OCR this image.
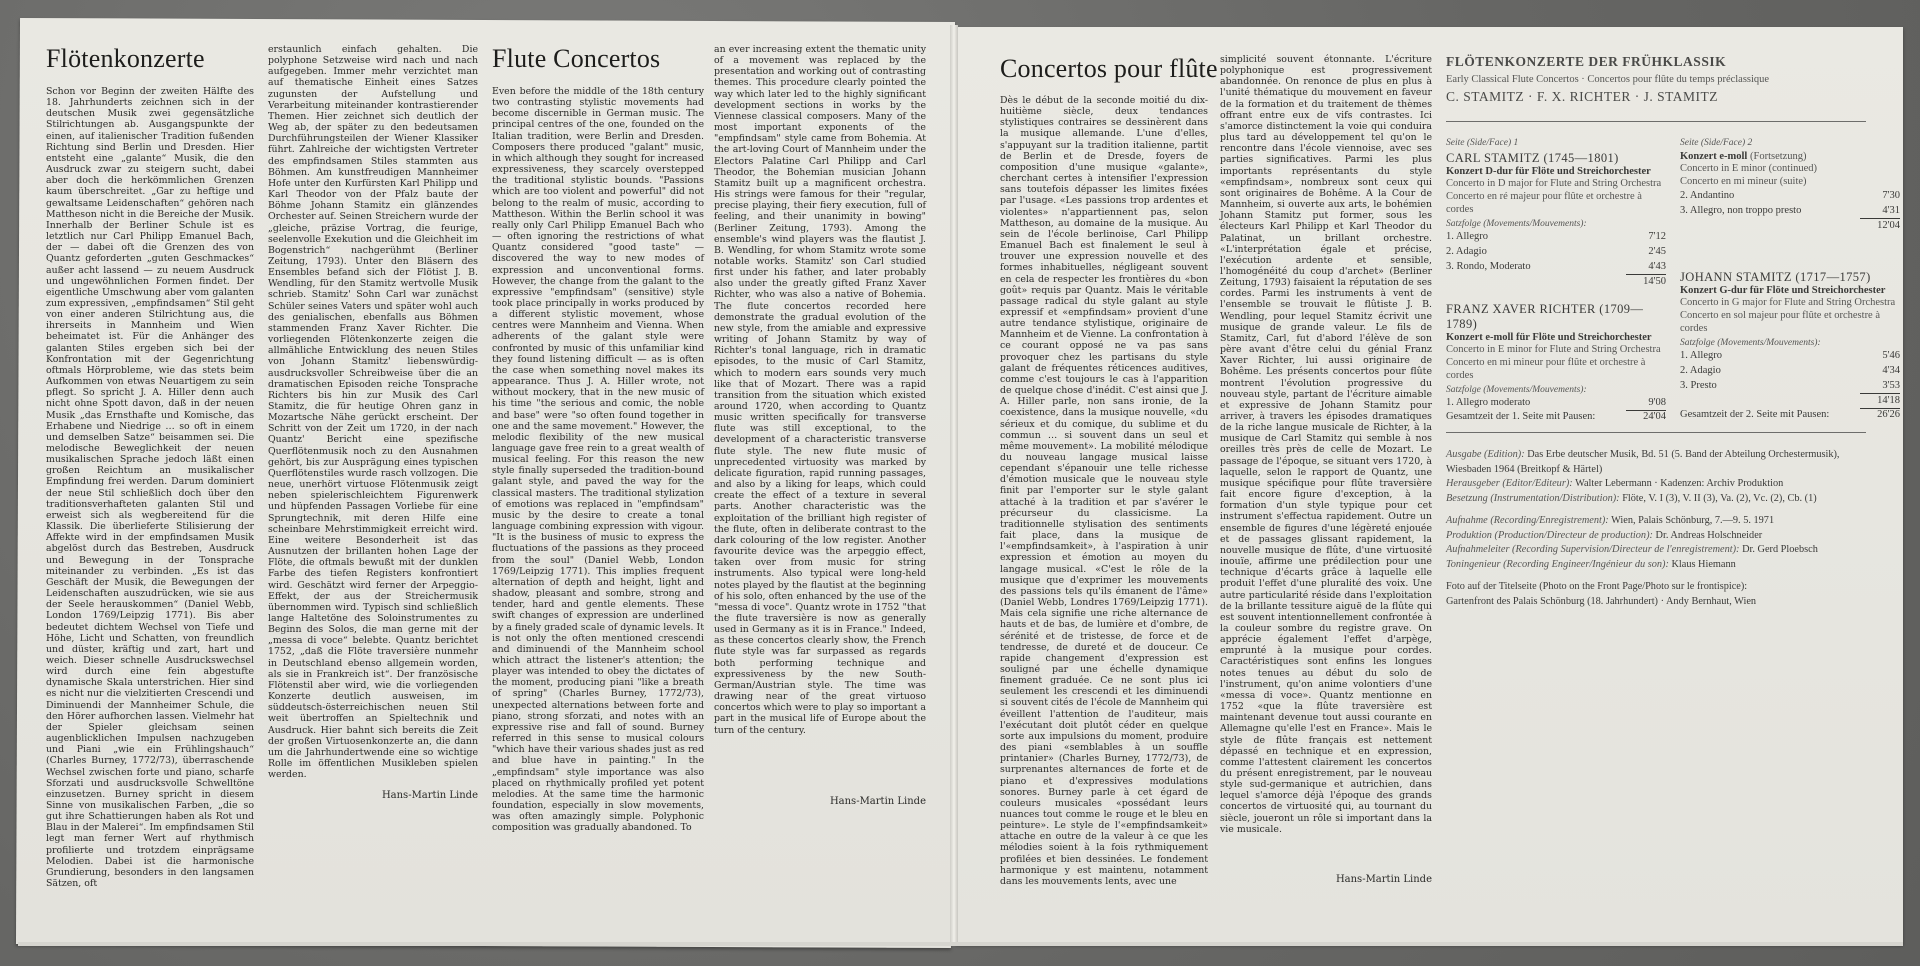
Flötenkonzerte

Schon vor Beginn der zweiten Hälfte des 18. Jahrhunderts zeichnen sich in der deutschen Musik zwei gegensätzliche Stilrichtungen ab. Ausgangspunkte der einen, auf italienischer Tradition fußenden Richtung sind Berlin und Dresden. Hier entsteht eine „galante“ Musik, die den Ausdruck zwar zu steigern sucht, dabei aber doch die herkömmlichen Grenzen kaum überschreitet. „Gar zu heftige und gewaltsame Leidenschaften“ gehören nach Mattheson nicht in die Bereiche der Musik. Innerhalb der Berliner Schule ist es letztlich nur Carl Philipp Emanuel Bach, der — dabei oft die Grenzen des von Quantz geforderten „guten Geschmackes“ außer acht lassend — zu neuem Ausdruck und ungewöhnlichen Formen findet. Der eigentliche Umschwung aber vom galanten zum expressiven, „empfindsamen“ Stil geht von einer anderen Stilrichtung aus, die ihrerseits in Mannheim und Wien beheimatet ist. Für die Anhänger des galanten Stiles ergeben sich bei der Konfrontation mit der Gegenrichtung oftmals Hörprobleme, wie das stets beim Aufkommen von etwas Neuartigem zu sein pflegt. So spricht J. A. Hiller denn auch nicht ohne Spott davon, daß in der neuen Musik „das Ernsthafte und Komische, das Erhabene und Niedrige … so oft in einem und demselben Satze“ beisammen sei. Die melodische Beweglichkeit der neuen musikalischen Sprache jedoch läßt einen großen Reichtum an musikalischer Empfindung frei werden. Darum dominiert der neue Stil schließlich doch über den traditionsverhafteten galanten Stil und erweist sich als wegbereitend für die Klassik. Die überlieferte Stilisierung der Affekte wird in der empfindsamen Musik abgelöst durch das Bestreben, Ausdruck und Bewegung in der Tonsprache miteinander zu verbinden. „Es ist das Geschäft der Musik, die Bewegungen der Leidenschaften auszudrücken, wie sie aus der Seele herauskommen“ (Daniel Webb, London 1769/Leipzig 1771). Bis aber bedeutet dichtem Wechsel von Tiefe und Höhe, Licht und Schatten, von freundlich und düster, kräftig und zart, hart und weich. Dieser schnelle Ausdruckswechsel wird durch eine fein abgestufte dynamische Skala unterstrichen. Hier sind es nicht nur die vielzitierten Crescendi und Diminuendi der Mannheimer Schule, die den Hörer aufhorchen lassen. Vielmehr hat der Spieler gleichsam seinen augenblicklichen Impulsen nachzugeben und Piani „wie ein Frühlingshauch“ (Charles Burney, 1772/73), überraschende Wechsel zwischen forte und piano, scharfe Sforzati und ausdrucksvolle Schwelltöne einzusetzen. Burney spricht in diesem Sinne von musikalischen Farben, „die so gut ihre Schattierungen haben als Rot und Blau in der Malerei“. Im empfindsamen Stil legt man ferner Wert auf rhythmisch profilierte und trotzdem einprägsame Melodien. Dabei ist die harmonische Grundierung, besonders in den langsamen Sätzen, oft

erstaunlich einfach gehalten. Die polyphone Setzweise wird nach und nach aufgegeben. Immer mehr verzichtet man auf thematische Einheit eines Satzes zugunsten der Aufstellung und Verarbeitung miteinander kontrastierender Themen. Hier zeichnet sich deutlich der Weg ab, der später zu den bedeutsamen Durchführungsteilen der Wiener Klassiker führt. Zahlreiche der wichtigsten Vertreter des empfindsamen Stiles stammten aus Böhmen. Am kunstfreudigen Mannheimer Hofe unter den Kurfürsten Karl Philipp und Karl Theodor von der Pfalz baute der Böhme Johann Stamitz ein glänzendes Orchester auf. Seinen Streichern wurde der „gleiche, präzise Vortrag, die feurige, seelenvolle Exekution und die Gleichheit im Bogenstrich“ nachgerühmt (Berliner Zeitung, 1793). Unter den Bläsern des Ensembles befand sich der Flötist J. B. Wendling, für den Stamitz wertvolle Musik schrieb. Stamitz' Sohn Carl war zunächst Schüler seines Vaters und später wohl auch des genialischen, ebenfalls aus Böhmen stammenden Franz Xaver Richter. Die vorliegenden Flötenkonzerte zeigen die allmähliche Entwicklung des neuen Stiles von Johann Stamitz' liebenswürdig-ausdrucksvoller Schreibweise über die an dramatischen Episoden reiche Tonsprache Richters bis hin zur Musik des Carl Stamitz, die für heutige Ohren ganz in Mozartsche Nähe gerückt erscheint. Der Schritt von der Zeit um 1720, in der nach Quantz' Bericht eine spezifische Querflötenmusik noch zu den Ausnahmen gehört, bis zur Ausprägung eines typischen Querflötenstiles wurde rasch vollzogen. Die neue, unerhört virtuose Flötenmusik zeigt neben spielerischleichtem Figurenwerk und hüpfenden Passagen Vorliebe für eine Sprungtechnik, mit deren Hilfe eine scheinbare Mehrstimmigkeit erreicht wird. Eine weitere Besonderheit ist das Ausnutzen der brillanten hohen Lage der Flöte, die oftmals bewußt mit der dunklen Farbe des tiefen Registers konfrontiert wird. Geschätzt wird ferner der Arpeggio-Effekt, der aus der Streichermusik übernommen wird. Typisch sind schließlich lange Haltetöne des Soloinstrumentes zu Beginn des Solos, die man gerne mit der „messa di voce“ belebte. Quantz berichtet 1752, „daß die Flöte traversière nunmehr in Deutschland ebenso allgemein worden, als sie in Frankreich ist“. Der französische Flötenstil aber wird, wie die vorliegenden Konzerte deutlich ausweisen, im süddeutsch-österreichischen neuen Stil weit übertroffen an Spieltechnik und Ausdruck. Hier bahnt sich bereits die Zeit der großen Virtuosenkonzerte an, die dann um die Jahrhundertwende eine so wichtige Rolle im öffentlichen Musikleben spielen werden.

Hans-Martin Linde
Flute Concertos

Even before the middle of the 18th century two contrasting stylistic movements had become discernible in German music. The principal centres of the one, founded on the Italian tradition, were Berlin and Dresden. Composers there produced "galant" music, in which although they sought for increased expressiveness, they scarcely overstepped the traditional stylistic bounds. "Passions which are too violent and powerful" did not belong to the realm of music, according to Mattheson. Within the Berlin school it was really only Carl Philipp Emanuel Bach who — often ignoring the restrictions of what Quantz considered "good taste" — discovered the way to new modes of expression and unconventional forms. However, the change from the galant to the expressive "empfindsam" (sensitive) style took place principally in works produced by a different stylistic movement, whose centres were Mannheim and Vienna. When adherents of the galant style were confronted by music of this unfamiliar kind they found listening difficult — as is often the case when something novel makes its appearance. Thus J. A. Hiller wrote, not without mockery, that in the new music of his time "the serious and comic, the noble and base" were "so often found together in one and the same movement." However, the melodic flexibility of the new musical language gave free rein to a great wealth of musical feeling. For this reason the new style finally superseded the tradition-bound galant style, and paved the way for the classical masters. The traditional stylization of emotions was replaced in "empfindsam" music by the desire to create a tonal language combining expression with vigour. "It is the business of music to express the fluctuations of the passions as they proceed from the soul" (Daniel Webb, London 1769/Leipzig 1771). This implies frequent alternation of depth and height, light and shadow, pleasant and sombre, strong and tender, hard and gentle elements. These swift changes of expression are underlined by a finely graded scale of dynamic levels. It is not only the often mentioned crescendi and diminuendi of the Mannheim school which attract the listener's attention; the player was intended to obey the dictates of the moment, producing piani "like a breath of spring" (Charles Burney, 1772/73), unexpected alternations between forte and piano, strong sforzati, and notes with an expressive rise and fall of sound. Burney referred in this sense to musical colours "which have their various shades just as red and blue have in painting." In the „empfindsam" style importance was also placed on rhythmically profiled yet potent melodies. At the same time the harmonic foundation, especially in slow movements, was often amazingly simple. Polyphonic composition was gradually abandoned. To

an ever increasing extent the thematic unity of a movement was replaced by the presentation and working out of contrasting themes. This procedure clearly pointed the way which later led to the highly significant development sections in works by the Viennese classical composers. Many of the most important exponents of the "empfindsam" style came from Bohemia. At the art-loving Court of Mannheim under the Electors Palatine Carl Philipp and Carl Theodor, the Bohemian musician Johann Stamitz built up a magnificent orchestra. His strings were famous for their "regular, precise playing, their fiery execution, full of feeling, and their unanimity in bowing" (Berliner Zeitung, 1793). Among the ensemble's wind players was the flautist J. B. Wendling, for whom Stamitz wrote some notable works. Stamitz' son Carl studied first under his father, and later probably also under the greatly gifted Franz Xaver Richter, who was also a native of Bohemia. The flute concertos recorded here demonstrate the gradual evolution of the new style, from the amiable and expressive writing of Johann Stamitz by way of Richter's tonal language, rich in dramatic episodes, to the music of Carl Stamitz, which to modern ears sounds very much like that of Mozart. There was a rapid transition from the situation which existed around 1720, when according to Quantz music written specifically for transverse flute was still exceptional, to the development of a characteristic transverse flute style. The new flute music of unprecedented virtuosity was marked by delicate figuration, rapid running passages, and also by a liking for leaps, which could create the effect of a texture in several parts. Another characteristic was the exploitation of the brilliant high register of the flute, often in deliberate contrast to the dark colouring of the low register. Another favourite device was the arpeggio effect, taken over from music for string instruments. Also typical were long-held notes played by the flautist at the beginning of his solo, often enhanced by the use of the "messa di voce". Quantz wrote in 1752 "that the flute traversière is now as generally used in Germany as it is in France." Indeed, as these concertos clearly show, the French flute style was far surpassed as regards both performing technique and expressiveness by the new South-German/Austrian style. The time was drawing near of the great virtuoso concertos which were to play so important a part in the musical life of Europe about the turn of the century.

Hans-Martin Linde
Concertos pour flûte

Dès le début de la seconde moitié du dix-huitième siècle, deux tendances stylistiques contraires se dessinèrent dans la musique allemande. L'une d'elles, s'appuyant sur la tradition italienne, partit de Berlin et de Dresde, foyers de composition d'une musique «galante», cherchant certes à intensifier l'expression sans toutefois dépasser les limites fixées par l'usage. «Les passions trop ardentes et violentes» n'appartiennent pas, selon Mattheson, au domaine de la musique. Au sein de l'école berlinoise, Carl Philipp Emanuel Bach est finalement le seul à trouver une expression nouvelle et des formes inhabituelles, négligeant souvent en cela de respecter les frontières du «bon goût» requis par Quantz. Mais le véritable passage radical du style galant au style expressif et «empfindsam» provient d'une autre tendance stylistique, originaire de Mannheim et de Vienne. La confrontation à ce courant opposé ne va pas sans provoquer chez les partisans du style galant de fréquentes réticences auditives, comme c'est toujours le cas à l'apparition de quelque chose d'inédit. C'est ainsi que J. A. Hiller parle, non sans ironie, de la coexistence, dans la musique nouvelle, «du sérieux et du comique, du sublime et du commun … si souvent dans un seul et même mouvement». La mobilité mélodique du nouveau langage musical laisse cependant s'épanouir une telle richesse d'émotion musicale que le nouveau style finit par l'emporter sur le style galant attaché à la tradition et par s'avérer le précurseur du classicisme. La traditionnelle stylisation des sentiments fait place, dans la musique de l'«empfindsamkeit», à l'aspiration à unir expression et émotion au moyen du langage musical. «C'est le rôle de la musique que d'exprimer les mouvements des passions tels qu'ils émanent de l'âme» (Daniel Webb, Londres 1769/Leipzig 1771). Mais cela signifie une riche alternance de hauts et de bas, de lumière et d'ombre, de sérénité et de tristesse, de force et de tendresse, de dureté et de douceur. Ce rapide changement d'expression est souligné par une échelle dynamique finement graduée. Ce ne sont plus ici seulement les crescendi et les diminuendi si souvent cités de l'école de Mannheim qui éveillent l'attention de l'auditeur, mais l'exécutant doit plutôt céder en quelque sorte aux impulsions du moment, produire des piani «semblables à un souffle printanier» (Charles Burney, 1772/73), de surprenantes alternances de forte et de piano et d'expressives modulations sonores. Burney parle à cet égard de couleurs musicales «possédant leurs nuances tout comme le rouge et le bleu en peinture». Le style de l'«empfindsamkeit» attache en outre de la valeur à ce que les mélodies soient à la fois rythmiquement profilées et bien dessinées. Le fondement harmonique y est maintenu, notamment dans les mouvements lents, avec une

simplicité souvent étonnante. L'écriture polyphonique est progressivement abandonnée. On renonce de plus en plus à l'unité thématique du mouvement en faveur de la formation et du traitement de thèmes offrant entre eux de vifs contrastes. Ici s'amorce distinctement la voie qui conduira plus tard au développement tel qu'on le rencontre dans l'école viennoise, avec ses parties significatives. Parmi les plus importants représentants du style «empfindsam», nombreux sont ceux qui sont originaires de Bohême. A la Cour de Mannheim, si ouverte aux arts, le bohémien Johann Stamitz put former, sous les électeurs Karl Philipp et Karl Theodor du Palatinat, un brillant orchestre. «L'interprétation égale et précise, l'exécution ardente et sensible, l'homogénéité du coup d'archet» (Berliner Zeitung, 1793) faisaient la réputation de ses cordes. Parmi les instruments à vent de l'ensemble se trouvait le flûtiste J. B. Wendling, pour lequel Stamitz écrivit une musique de grande valeur. Le fils de Stamitz, Carl, fut d'abord l'élève de son père avant d'être celui du génial Franz Xaver Richter, lui aussi originaire de Bohême. Les présents concertos pour flûte montrent l'évolution progressive du nouveau style, partant de l'écriture aimable et expressive de Johann Stamitz pour arriver, à travers les épisodes dramatiques de la riche langue musicale de Richter, à la musique de Carl Stamitz qui semble à nos oreilles très près de celle de Mozart. Le passage de l'époque, se situant vers 1720, à laquelle, selon le rapport de Quantz, une musique spécifique pour flûte traversière fait encore figure d'exception, à la formation d'un style typique pour cet instrument s'effectua rapidement. Outre un ensemble de figures d'une légèreté enjouée et de passages glissant rapidement, la nouvelle musique de flûte, d'une virtuosité inouïe, affirme une prédilection pour une technique d'écarts grâce à laquelle elle produit l'effet d'une pluralité des voix. Une autre particularité réside dans l'exploitation de la brillante tessiture aiguë de la flûte qui est souvent intentionnellement confrontée à la couleur sombre du registre grave. On apprécie également l'effet d'arpège, emprunté à la musique pour cordes. Caractéristiques sont enfins les longues notes tenues au début du solo de l'instrument, qu'on anime volontiers d'une «messa di voce». Quantz mentionne en 1752 «que la flûte traversière est maintenant devenue tout aussi courante en Allemagne qu'elle l'est en France». Mais le style de flûte français est nettement dépassé en technique et en expression, comme l'attestent clairement les concertos du présent enregistrement, par le nouveau style sud-germanique et autrichien, dans lequel s'amorce déjà l'époque des grands concertos de virtuosité qui, au tournant du siècle, joueront un rôle si important dans la vie musicale.

Hans-Martin Linde
FLÖTENKONZERTE DER FRÜHKLASSIK
Early Classical Flute Concertos · Concertos pour flûte du temps préclassique
C. STAMITZ · F. X. RICHTER · J. STAMITZ
Seite (Side/Face) 1
CARL STAMITZ (1745—1801)
Konzert D-dur für Flöte und Streichorchester
Concerto in D major for Flute and String Orchestra
Concerto en ré majeur pour flûte et orchestre à cordes
Satzfolge (Movements/Mouvements):
1. Allegro	7'12
2. Adagio	2'45
3. Rondo, Moderato	4'43
14'50
FRANZ XAVER RICHTER (1709—1789)
Konzert e-moll für Flöte und Streichorchester
Concerto in E minor for Flute and String Orchestra
Concerto en mi mineur pour flûte et orchestre à cordes
Satzfolge (Movements/Mouvements):
1. Allegro moderato	9'08
Gesamtzeit der 1. Seite mit Pausen:	24'04
Seite (Side/Face) 2
Konzert e-moll (Fortsetzung)
Concerto in E minor (continued)
Concerto en mi mineur (suite)
2. Andantino	7'30
3. Allegro, non troppo presto	4'31
12'04
JOHANN STAMITZ (1717—1757)
Konzert G-dur für Flöte und Streichorchester
Concerto in G major for Flute and String Orchestra
Concerto en sol majeur pour flûte et orchestre à cordes
Satzfolge (Movements/Mouvements):
1. Allegro	5'46
2. Adagio	4'34
3. Presto	3'53
14'18
Gesamtzeit der 2. Seite mit Pausen:	26'26
Ausgabe (Edition): Das Erbe deutscher Musik, Bd. 51 (5. Band der Abteilung Orchestermusik), Wiesbaden 1964 (Breitkopf & Härtel)
Herausgeber (Editor/Editeur): Walter Lebermann · Kadenzen: Archiv Produktion
Besetzung (Instrumentation/Distribution): Flöte, V. I (3), V. II (3), Va. (2), Vc. (2), Cb. (1)
Aufnahme (Recording/Enregistrement): Wien, Palais Schönburg, 7.—9. 5. 1971
Produktion (Production/Directeur de production): Dr. Andreas Holschneider
Aufnahmeleiter (Recording Supervision/Directeur de l'enregistrement): Dr. Gerd Ploebsch
Toningenieur (Recording Engineer/Ingénieur du son): Klaus Hiemann
Foto auf der Titelseite (Photo on the Front Page/Photo sur le frontispice):
Gartenfront des Palais Schönburg (18. Jahrhundert) · Andy Bernhaut, Wien
